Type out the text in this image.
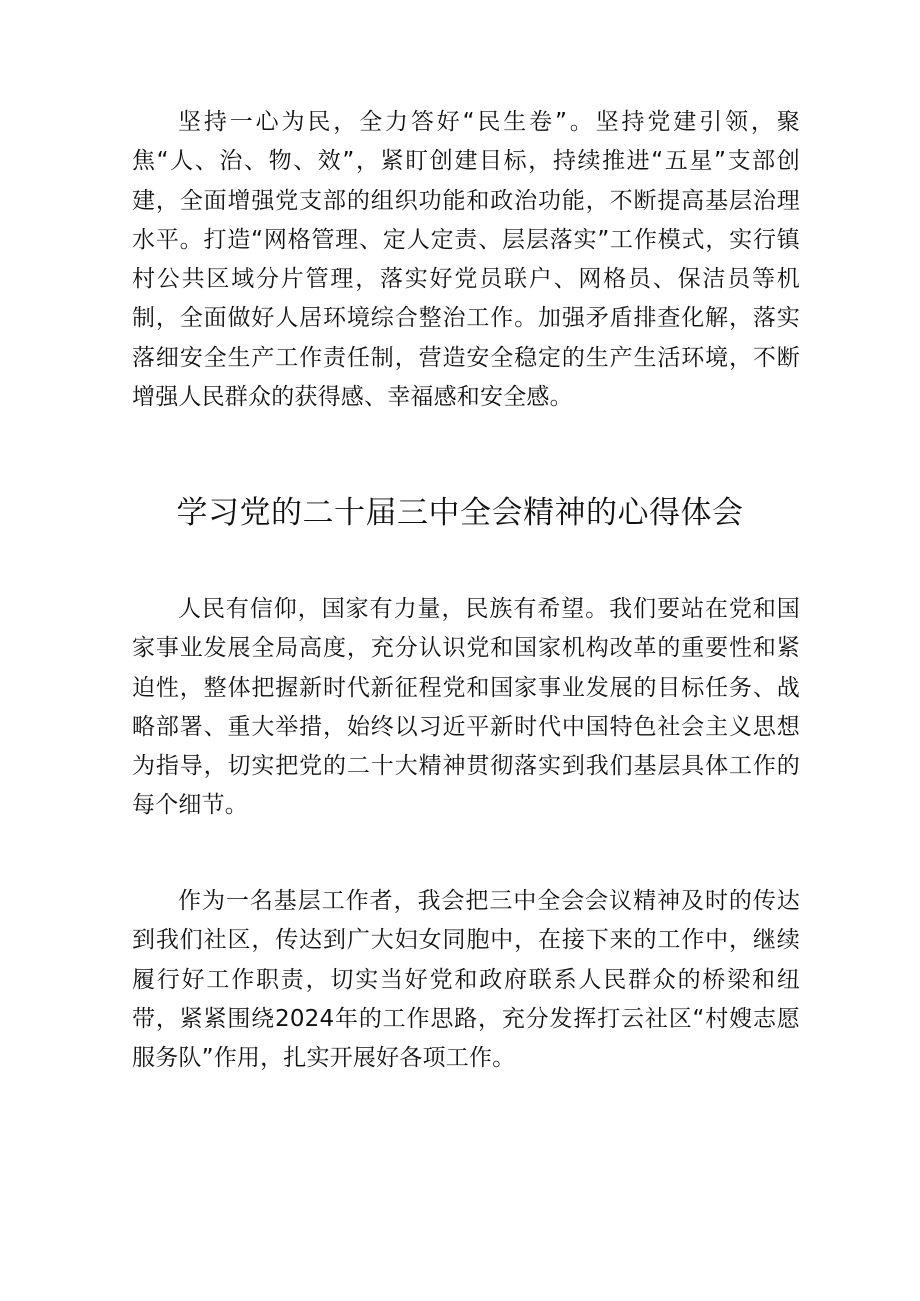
坚持一心为民，全力答好“民生卷”。坚持党建引领，聚焦“人、治、物、效”，紧盯创建目标，持续推进“五星”支部创建，全面增强党支部的组织功能和政治功能，不断提高基层治理水平。打造“网格管理、定人定责、层层落实”工作模式，实行镇村公共区域分片管理，落实好党员联户、网格员、保洁员等机制，全面做好人居环境综合整治工作。加强矛盾排查化解，落实落细安全生产工作责任制，营造安全稳定的生产生活环境，不断增强人民群众的获得感、幸福感和安全感。

学习党的二十届三中全会精神的心得体会

人民有信仰，国家有力量，民族有希望。我们要站在党和国家事业发展全局高度，充分认识党和国家机构改革的重要性和紧迫性，整体把握新时代新征程党和国家事业发展的目标任务、战略部署、重大举措，始终以习近平新时代中国特色社会主义思想为指导，切实把党的二十大精神贯彻落实到我们基层具体工作的每个细节。

作为一名基层工作者，我会把三中全会会议精神及时的传达到我们社区，传达到广大妇女同胞中，在接下来的工作中，继续履行好工作职责，切实当好党和政府联系人民群众的桥梁和纽带，紧紧围绕2024年的工作思路，充分发挥打云社区“村嫂志愿服务队”作用，扎实开展好各项工作。
